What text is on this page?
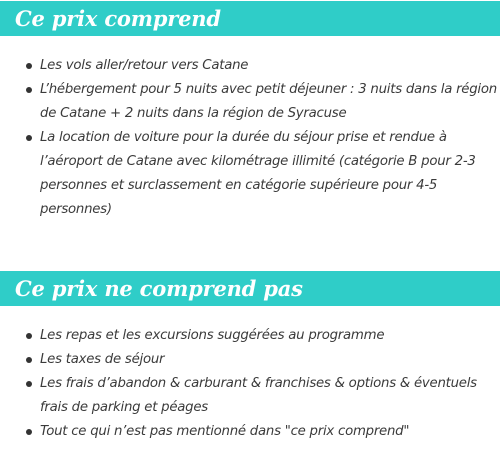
Ce prix comprend
Les vols aller/retour vers Catane
L’hébergement pour 5 nuits avec petit déjeuner : 3 nuits dans la région de Catane + 2 nuits dans la région de Syracuse
La location de voiture pour la durée du séjour prise et rendue à l’aéroport de Catane avec kilométrage illimité (catégorie B pour 2-3 personnes et surclassement en catégorie supérieure pour 4-5 personnes)
Ce prix ne comprend pas
Les repas et les excursions suggérées au programme
Les taxes de séjour
Les frais d’abandon & carburant & franchises & options & éventuels frais de parking et péages
Tout ce qui n’est pas mentionné dans "ce prix comprend"
